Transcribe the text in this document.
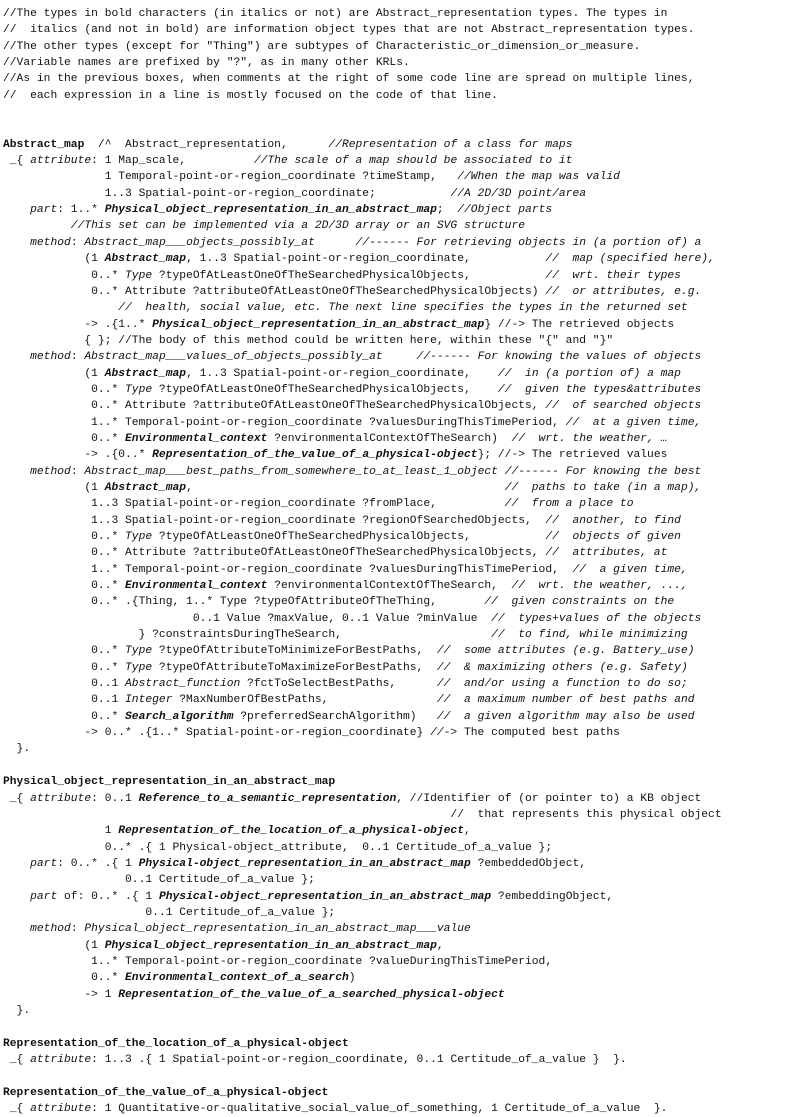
//The types in bold characters (in italics or not) are Abstract_representation types. The types in
//  italics (and not in bold) are information object types that are not Abstract_representation types.
//The other types (except for "Thing") are subtypes of Characteristic_or_dimension_or_measure.
//Variable names are prefixed by "?", as in many other KRLs.
//As in the previous boxes, when comments at the right of some code line are spread on multiple lines,
//  each expression in a line is mostly focused on the code of that line.
Abstract_map  /^  Abstract_representation,      //Representation of a class for maps
_{ attribute: 1 Map_scale,          //The scale of a map should be associated to it
1 Temporal-point-or-region_coordinate ?timeStamp,   //When the map was valid
1..3 Spatial-point-or-region_coordinate;           //A 2D/3D point/area
part: 1..* Physical_object_representation_in_an_abstract_map;  //Object parts
//This set can be implemented via a 2D/3D array or an SVG structure
method: Abstract_map___objects_possibly_at      //------ For retrieving objects in (a portion of) a
(1 Abstract_map, 1..3 Spatial-point-or-region_coordinate,           //  map (specified here),
0..* Type ?typeOfAtLeastOneOfTheSearchedPhysicalObjects,           //  wrt. their types
0..* Attribute ?attributeOfAtLeastOneOfTheSearchedPhysicalObjects) //  or attributes, e.g.
//  health, social value, etc. The next line specifies the types in the returned set
-> .{1..* Physical_object_representation_in_an_abstract_map} //-> The retrieved objects
{ }; //The body of this method could be written here, within these "{" and "}"
method: Abstract_map___values_of_objects_possibly_at     //------ For knowing the values of objects
(1 Abstract_map, 1..3 Spatial-point-or-region_coordinate,    //  in (a portion of) a map
0..* Type ?typeOfAtLeastOneOfTheSearchedPhysicalObjects,    //  given the types&attributes
0..* Attribute ?attributeOfAtLeastOneOfTheSearchedPhysicalObjects, //  of searched objects
1..* Temporal-point-or-region_coordinate ?valuesDuringThisTimePeriod, //  at a given time,
0..* Environmental_context ?environmentalContextOfTheSearch)  //  wrt. the weather, …
-> .{0..* Representation_of_the_value_of_a_physical-object}; //-> The retrieved values
method: Abstract_map___best_paths_from_somewhere_to_at_least_1_object //------ For knowing the best
(1 Abstract_map,                                              //  paths to take (in a map),
1..3 Spatial-point-or-region_coordinate ?fromPlace,          //  from a place to
1..3 Spatial-point-or-region_coordinate ?regionOfSearchedObjects,  //  another, to find
0..* Type ?typeOfAtLeastOneOfTheSearchedPhysicalObjects,           //  objects of given
0..* Attribute ?attributeOfAtLeastOneOfTheSearchedPhysicalObjects, //  attributes, at
1..* Temporal-point-or-region_coordinate ?valuesDuringThisTimePeriod,  //  a given time,
0..* Environmental_context ?environmentalContextOfTheSearch,  //  wrt. the weather, ...,
0..* .{Thing, 1..* Type ?typeOfAttributeOfTheThing,       //  given constraints on the
0..1 Value ?maxValue, 0..1 Value ?minValue  //  types+values of the objects
} ?constraintsDuringTheSearch,                      //  to find, while minimizing
0..* Type ?typeOfAttributeToMinimizeForBestPaths,  //  some attributes (e.g. Battery_use)
0..* Type ?typeOfAttributeToMaximizeForBestPaths,  //  & maximizing others (e.g. Safety)
0..1 Abstract_function ?fctToSelectBestPaths,      //  and/or using a function to do so;
0..1 Integer ?MaxNumberOfBestPaths,                //  a maximum number of best paths and
0..* Search_algorithm ?preferredSearchAlgorithm)   //  a given algorithm may also be used
-> 0..* .{1..* Spatial-point-or-region_coordinate} //-> The computed best paths
}.
Physical_object_representation_in_an_abstract_map
_{ attribute: 0..1 Reference_to_a_semantic_representation, //Identifier of (or pointer to) a KB object
//  that represents this physical object
1 Representation_of_the_location_of_a_physical-object,
0..* .{ 1 Physical-object_attribute,  0..1 Certitude_of_a_value };
part: 0..* .{ 1 Physical-object_representation_in_an_abstract_map ?embeddedObject,
0..1 Certitude_of_a_value };
part of: 0..* .{ 1 Physical-object_representation_in_an_abstract_map ?embeddingObject,
0..1 Certitude_of_a_value };
method: Physical_object_representation_in_an_abstract_map___value
(1 Physical_object_representation_in_an_abstract_map,
1..* Temporal-point-or-region_coordinate ?valueDuringThisTimePeriod,
0..* Environmental_context_of_a_search)
-> 1 Representation_of_the_value_of_a_searched_physical-object
}.
Representation_of_the_location_of_a_physical-object
_{ attribute: 1..3 .{ 1 Spatial-point-or-region_coordinate, 0..1 Certitude_of_a_value }  }.
Representation_of_the_value_of_a_physical-object
_{ attribute: 1 Quantitative-or-qualitative_social_value_of_something, 1 Certitude_of_a_value  }.
